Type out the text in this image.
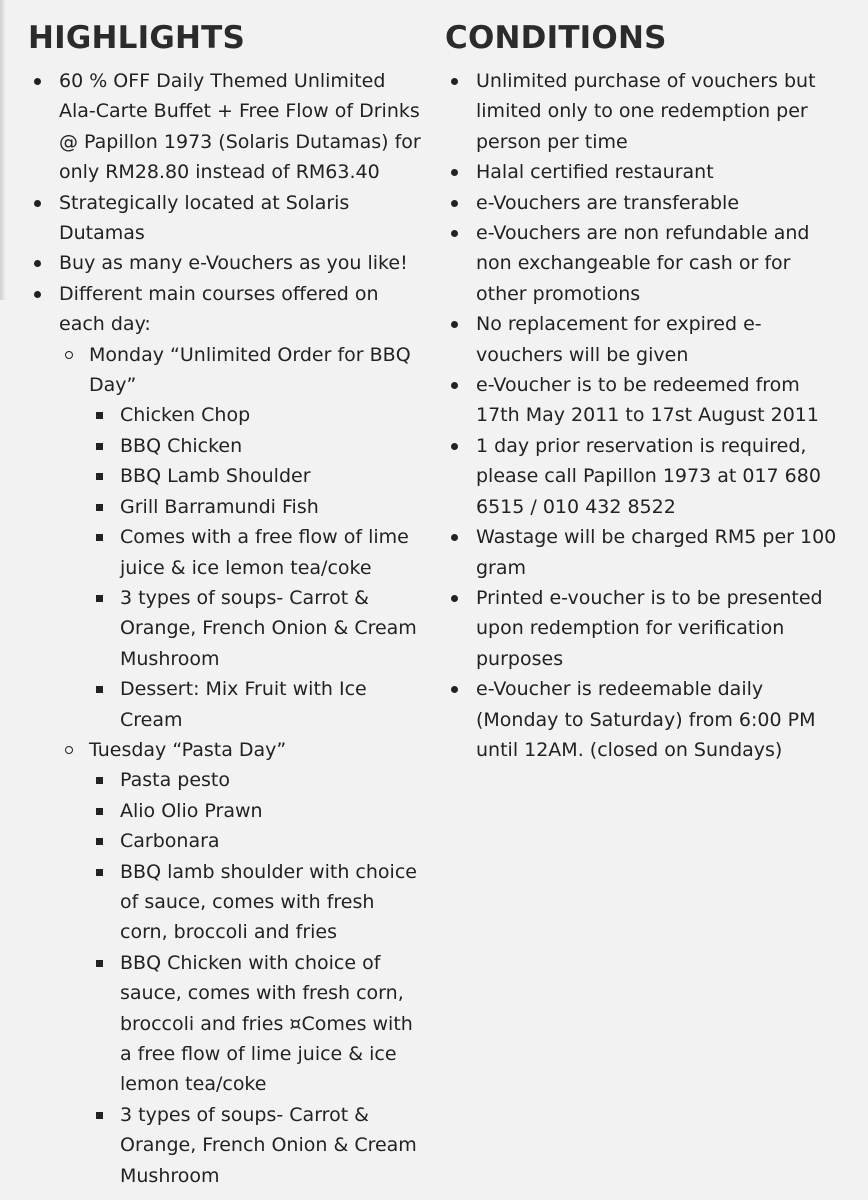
HIGHLIGHTS
60 % OFF Daily Themed Unlimited Ala-Carte Buffet + Free Flow of Drinks @ Papillon 1973 (Solaris Dutamas) for only RM28.80 instead of RM63.40
Strategically located at Solaris Dutamas
Buy as many e-Vouchers as you like!
Different main courses offered on each day:
Monday “Unlimited Order for BBQ Day”
Chicken Chop
BBQ Chicken
BBQ Lamb Shoulder
Grill Barramundi Fish
Comes with a free flow of lime juice & ice lemon tea/coke
3 types of soups- Carrot & Orange, French Onion & Cream Mushroom
Dessert: Mix Fruit with Ice Cream
Tuesday “Pasta Day”
Pasta pesto
Alio Olio Prawn
Carbonara
BBQ lamb shoulder with choice of sauce, comes with fresh corn, broccoli and fries
BBQ Chicken with choice of sauce, comes with fresh corn, broccoli and fries ¤Comes with a free flow of lime juice & ice lemon tea/coke
3 types of soups- Carrot & Orange, French Onion & Cream Mushroom
CONDITIONS
Unlimited purchase of vouchers but limited only to one redemption per person per time
Halal certified restaurant
e-Vouchers are transferable
e-Vouchers are non refundable and non exchangeable for cash or for other promotions
No replacement for expired e-vouchers will be given
e-Voucher is to be redeemed from 17th May 2011 to 17st August 2011
1 day prior reservation is required, please call Papillon 1973 at 017 680 6515 / 010 432 8522
Wastage will be charged RM5 per 100 gram
Printed e-voucher is to be presented upon redemption for verification purposes
e-Voucher is redeemable daily (Monday to Saturday) from 6:00 PM until 12AM. (closed on Sundays)
